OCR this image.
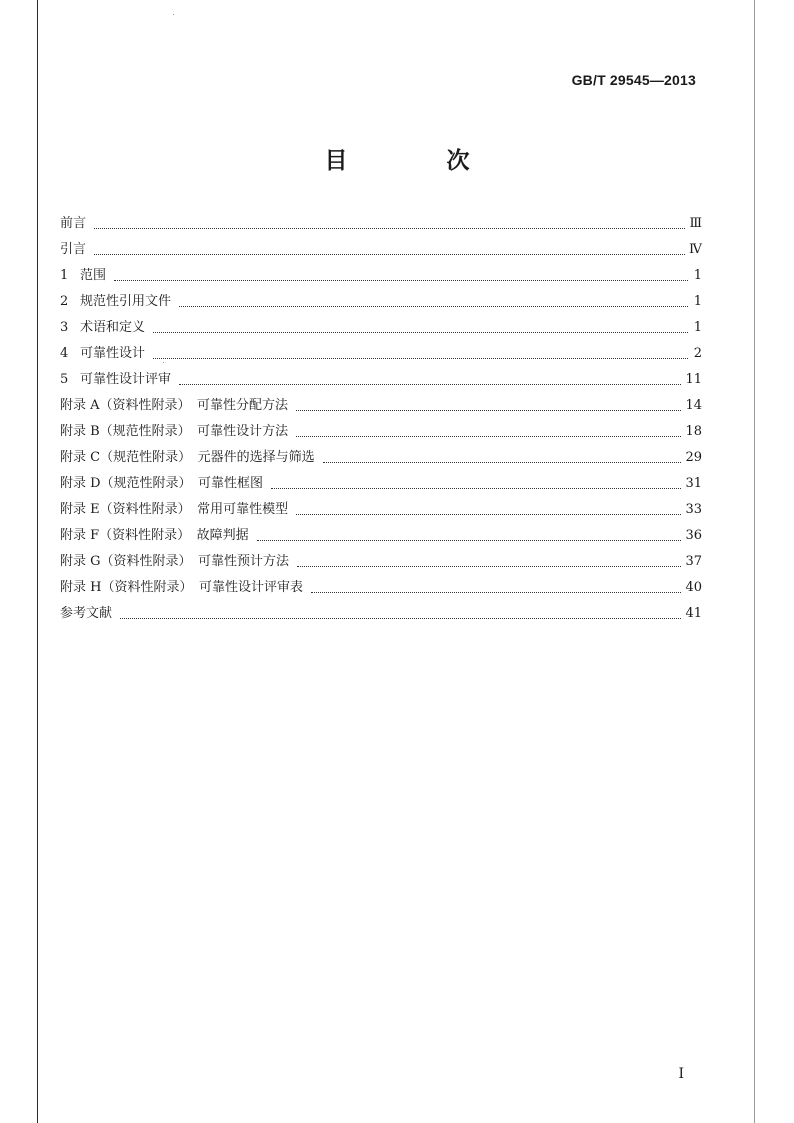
GB/T 29545—2013
目　次
前言	Ⅲ
引言	Ⅳ
1 范围	1
2 规范性引用文件	1
3 术语和定义	1
4 可靠性设计	2
5 可靠性设计评审	11
附录 A（资料性附录）　可靠性分配方法	14
附录 B（规范性附录）　可靠性设计方法	18
附录 C（规范性附录）　元器件的选择与筛选	29
附录 D（规范性附录）　可靠性框图	31
附录 E（资料性附录）　常用可靠性模型	33
附录 F（资料性附录）　故障判据	36
附录 G（资料性附录）　可靠性预计方法	37
附录 H（资料性附录）　可靠性设计评审表	40
参考文献	41
I
